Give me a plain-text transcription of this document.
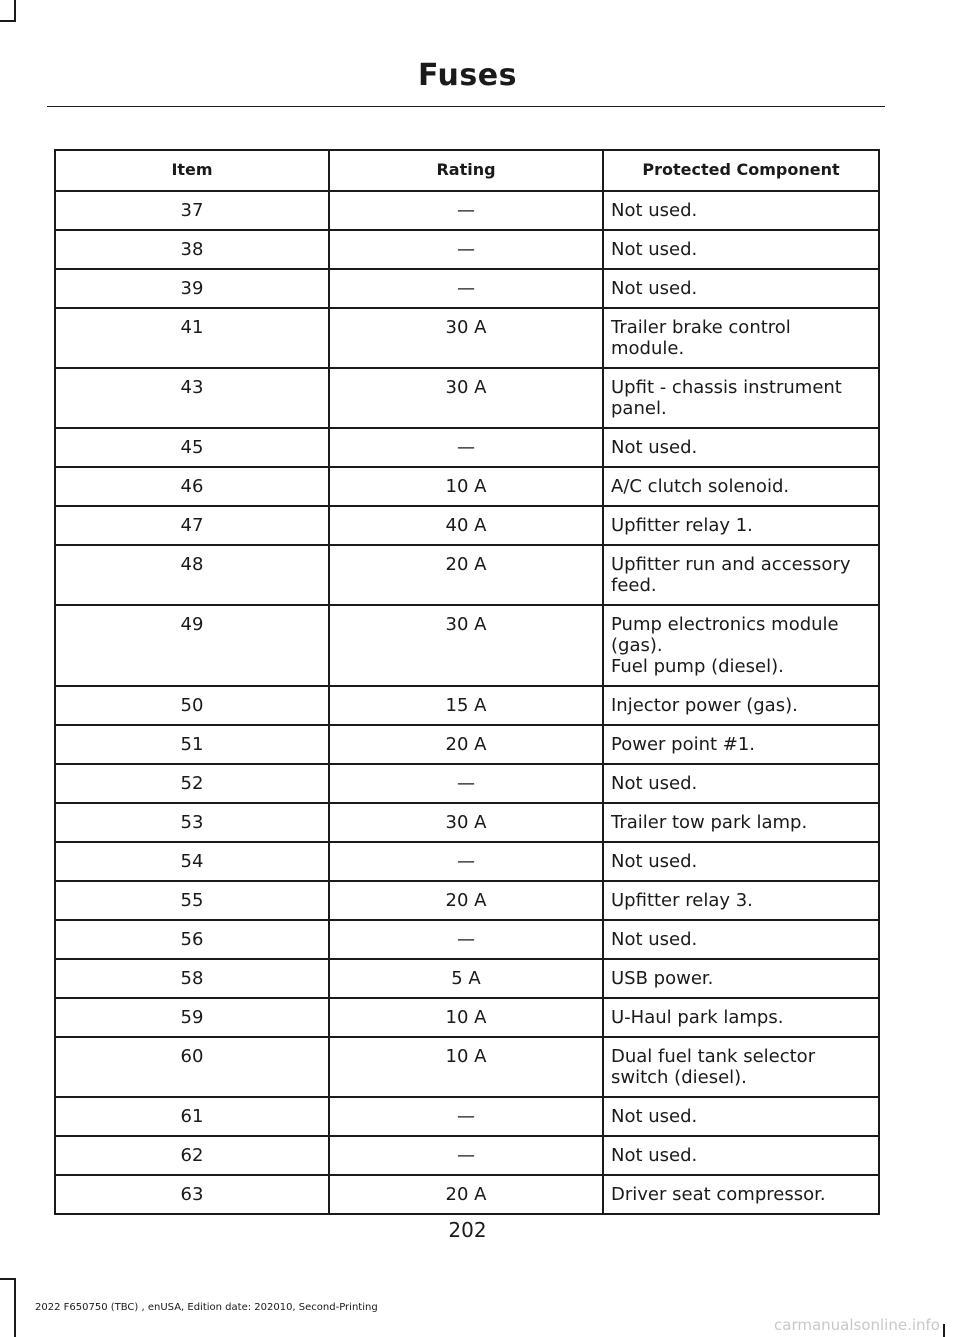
Fuses
Item	Rating	Protected Component
37	—	Not used.
38	—	Not used.
39	—	Not used.
41	30 A	Trailer brake control
module.
43	30 A	Upfit - chassis instrument
panel.
45	—	Not used.
46	10 A	A/C clutch solenoid.
47	40 A	Upfitter relay 1.
48	20 A	Upfitter run and accessory
feed.
49	30 A	Pump electronics module
(gas).
Fuel pump (diesel).
50	15 A	Injector power (gas).
51	20 A	Power point #1.
52	—	Not used.
53	30 A	Trailer tow park lamp.
54	—	Not used.
55	20 A	Upfitter relay 3.
56	—	Not used.
58	5 A	USB power.
59	10 A	U-Haul park lamps.
60	10 A	Dual fuel tank selector
switch (diesel).
61	—	Not used.
62	—	Not used.
63	20 A	Driver seat compressor.
202
2022 F650750 (TBC) , enUSA, Edition date: 202010, Second-Printing
carmanualsonline.info
